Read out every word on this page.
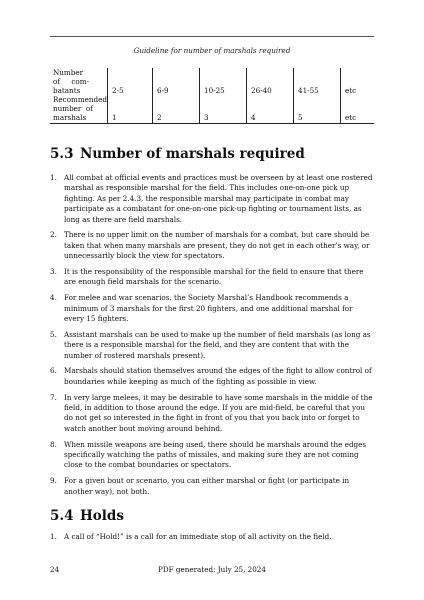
Guideline for number of marshals required
Number
of     com-
batants	2-5	6-9	10-25	26-40	41-55	etc

Recommended
number  of
marshals	1	2	3	4	5	etc
5.3 Number of marshals required
1. All combat at official events and practices must be overseen by at least one rostered marshal as responsible marshal for the field. This includes one-on-one pick up fighting. As per 2.4.3, the responsible marshal may participate in combat may participate as a combatant for one-on-one pick-up fighting or tournament lists, as long as there are field marshals.
2. There is no upper limit on the number of marshals for a combat, but care should be taken that when many marshals are present, they do not get in each other’s way, or unnecessarily block the view for spectators.
3. It is the responsibility of the responsible marshal for the field to ensure that there are enough field marshals for the scenario.
4. For melee and war scenarios, the Society Marshal’s Handbook recommends a minimum of 3 marshals for the first 20 fighters, and one additional marshal for every 15 fighters.
5. Assistant marshals can be used to make up the number of field marshals (as long as there is a responsible marshal for the field, and they are content that with the number of rostered marshals present).
6. Marshals should station themselves around the edges of the fight to allow control of boundaries while keeping as much of the fighting as possible in view.
7. In very large melees, it may be desirable to have some marshals in the middle of the field, in addition to those around the edge. If you are mid-field, be careful that you do not get so interested in the fight in front of you that you back into or forget to watch another bout moving around behind.
8. When missile weapons are being used, there should be marshals around the edges specifically watching the paths of missiles, and making sure they are not coming close to the combat boundaries or spectators.
9. For a given bout or scenario, you can either marshal or fight (or participate in another way), not both.
5.4 Holds
1. A call of “Hold!” is a call for an immediate stop of all activity on the field.
PDF generated: July 25, 2024
24
